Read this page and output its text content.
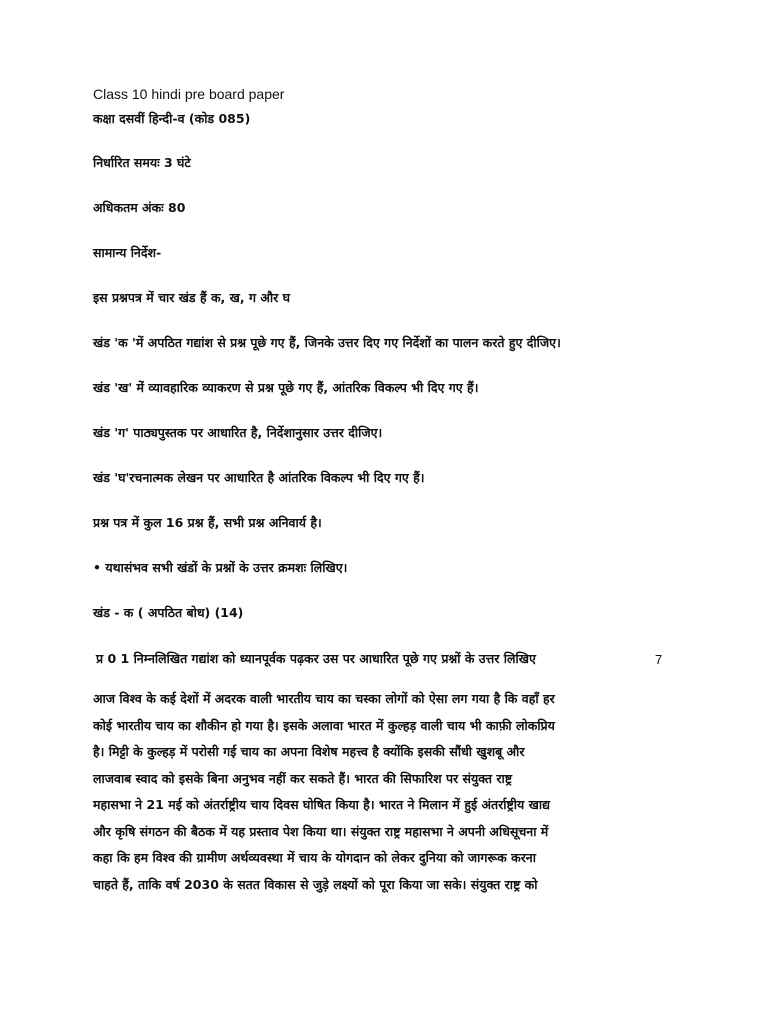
Class 10 hindi pre board paper
कक्षा दसवीं हिन्दी-व (कोड 085)
निर्धारित समयः 3 घंटे
अधिकतम अंकः 80
सामान्य निर्देश-
इस प्रश्नपत्र में चार खंड हैं क, ख, ग और घ
खंड 'क 'में अपठित गद्यांश से प्रश्न पूछे गए हैं, जिनके उत्तर दिए गए निर्देशों का पालन करते हुए दीजिए।
खंड 'ख' में व्यावहारिक व्याकरण से प्रश्न पूछे गए हैं, आंतरिक विकल्प भी दिए गए हैं।
खंड 'ग' पाठ्यपुस्तक पर आधारित है, निर्देशानुसार उत्तर दीजिए।
खंड 'घ'रचनात्मक लेखन पर आधारित है आंतरिक विकल्प भी दिए गए हैं।
प्रश्न पत्र में कुल 16 प्रश्न हैं, सभी प्रश्न अनिवार्य है।
• यथासंभव सभी खंडों के प्रश्नों के उत्तर क्रमशः लिखिए।
खंड - क ( अपठित बोध) (14)
प्र 0 1 निम्नलिखित गद्यांश को ध्यानपूर्वक पढ़कर उस पर आधारित पूछे गए प्रश्नों के उत्तर लिखिए	7
आज विश्व के कई देशों में अदरक वाली भारतीय चाय का चस्का लोगों को ऐसा लग गया है कि वहाँ हर
कोई भारतीय चाय का शौकीन हो गया है। इसके अलावा भारत में कुल्हड़ वाली चाय भी काफ़ी लोकप्रिय
है। मिट्टी के कुल्हड़ में परोसी गई चाय का अपना विशेष महत्त्व है क्योंकि इसकी सौंधी खुशबू और
लाजवाब स्वाद को इसके बिना अनुभव नहीं कर सकते हैं। भारत की सिफारिश पर संयुक्त राष्ट्र
महासभा ने 21 मई को अंतर्राष्ट्रीय चाय दिवस घोषित किया है। भारत ने मिलान में हुई अंतर्राष्ट्रीय खाद्य
और कृषि संगठन की बैठक में यह प्रस्ताव पेश किया था। संयुक्त राष्ट्र महासभा ने अपनी अधिसूचना में
कहा कि हम विश्व की ग्रामीण अर्थव्यवस्था में चाय के योगदान को लेकर दुनिया को जागरूक करना
चाहते हैं, ताकि वर्ष 2030 के सतत विकास से जुड़े लक्ष्यों को पूरा किया जा सके। संयुक्त राष्ट्र को
